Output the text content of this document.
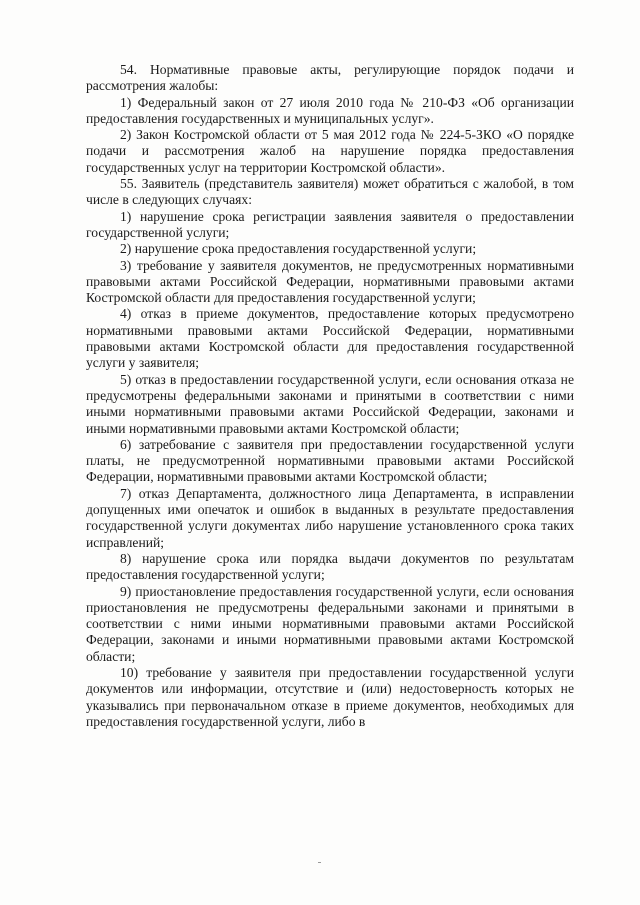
54. Нормативные правовые акты, регулирующие порядок подачи и рассмотрения жалобы:

1) Федеральный закон от 27 июля 2010 года № 210-ФЗ «Об организации предоставления государственных и муниципальных услуг».

2) Закон Костромской области от 5 мая 2012 года № 224-5-ЗКО «О порядке подачи и рассмотрения жалоб на нарушение порядка предоставления государственных услуг на территории Костромской области».

55. Заявитель (представитель заявителя) может обратиться с жалобой, в том числе в следующих случаях:

1) нарушение срока регистрации заявления заявителя о предоставлении государственной услуги;

2) нарушение срока предоставления государственной услуги;

3) требование у заявителя документов, не предусмотренных нормативными правовыми актами Российской Федерации, нормативными правовыми актами Костромской области для предоставления государственной услуги;

4) отказ в приеме документов, предоставление которых предусмотрено нормативными правовыми актами Российской Федерации, нормативными правовыми актами Костромской области для предоставления государственной услуги у заявителя;

5) отказ в предоставлении государственной услуги, если основания отказа не предусмотрены федеральными законами и принятыми в соответствии с ними иными нормативными правовыми актами Российской Федерации, законами и иными нормативными правовыми актами Костромской области;

6) затребование с заявителя при предоставлении государственной услуги платы, не предусмотренной нормативными правовыми актами Российской Федерации, нормативными правовыми актами Костромской области;

7) отказ Департамента, должностного лица Департамента, в исправлении допущенных ими опечаток и ошибок в выданных в результате предоставления государственной услуги документах либо нарушение установленного срока таких исправлений;

8) нарушение срока или порядка выдачи документов по результатам предоставления государственной услуги;

9) приостановление предоставления государственной услуги, если основания приостановления не предусмотрены федеральными законами и принятыми в соответствии с ними иными нормативными правовыми актами Российской Федерации, законами и иными нормативными правовыми актами Костромской области;

10) требование у заявителя при предоставлении государственной услуги документов или информации, отсутствие и (или) недостоверность которых не указывались при первоначальном отказе в приеме документов, необходимых для предоставления государственной услуги, либо в
